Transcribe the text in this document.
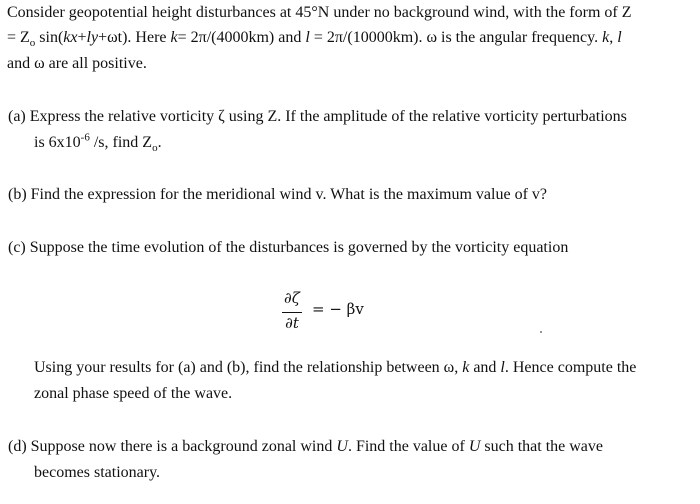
Consider geopotential height disturbances at 45°N under no background wind, with the form of Z
= $Z_o$ sin(kx+ly+ωt). Here k= 2π/(4000km) and l = 2π/(10000km). ω is the angular frequency. k, l
and ω are all positive.
(a) Express the relative vorticity ζ using Z. If the amplitude of the relative vorticity perturbations
is $6x10^{-6}$ /s, find $Z_o$.
(b) Find the expression for the meridional wind v. What is the maximum value of v?
(c) Suppose the time evolution of the disturbances is governed by the vorticity equation
∂ζ
∂t
= − βv
Using your results for (a) and (b), find the relationship between ω, k and l. Hence compute the
zonal phase speed of the wave.
(d) Suppose now there is a background zonal wind U. Find the value of U such that the wave
becomes stationary.
